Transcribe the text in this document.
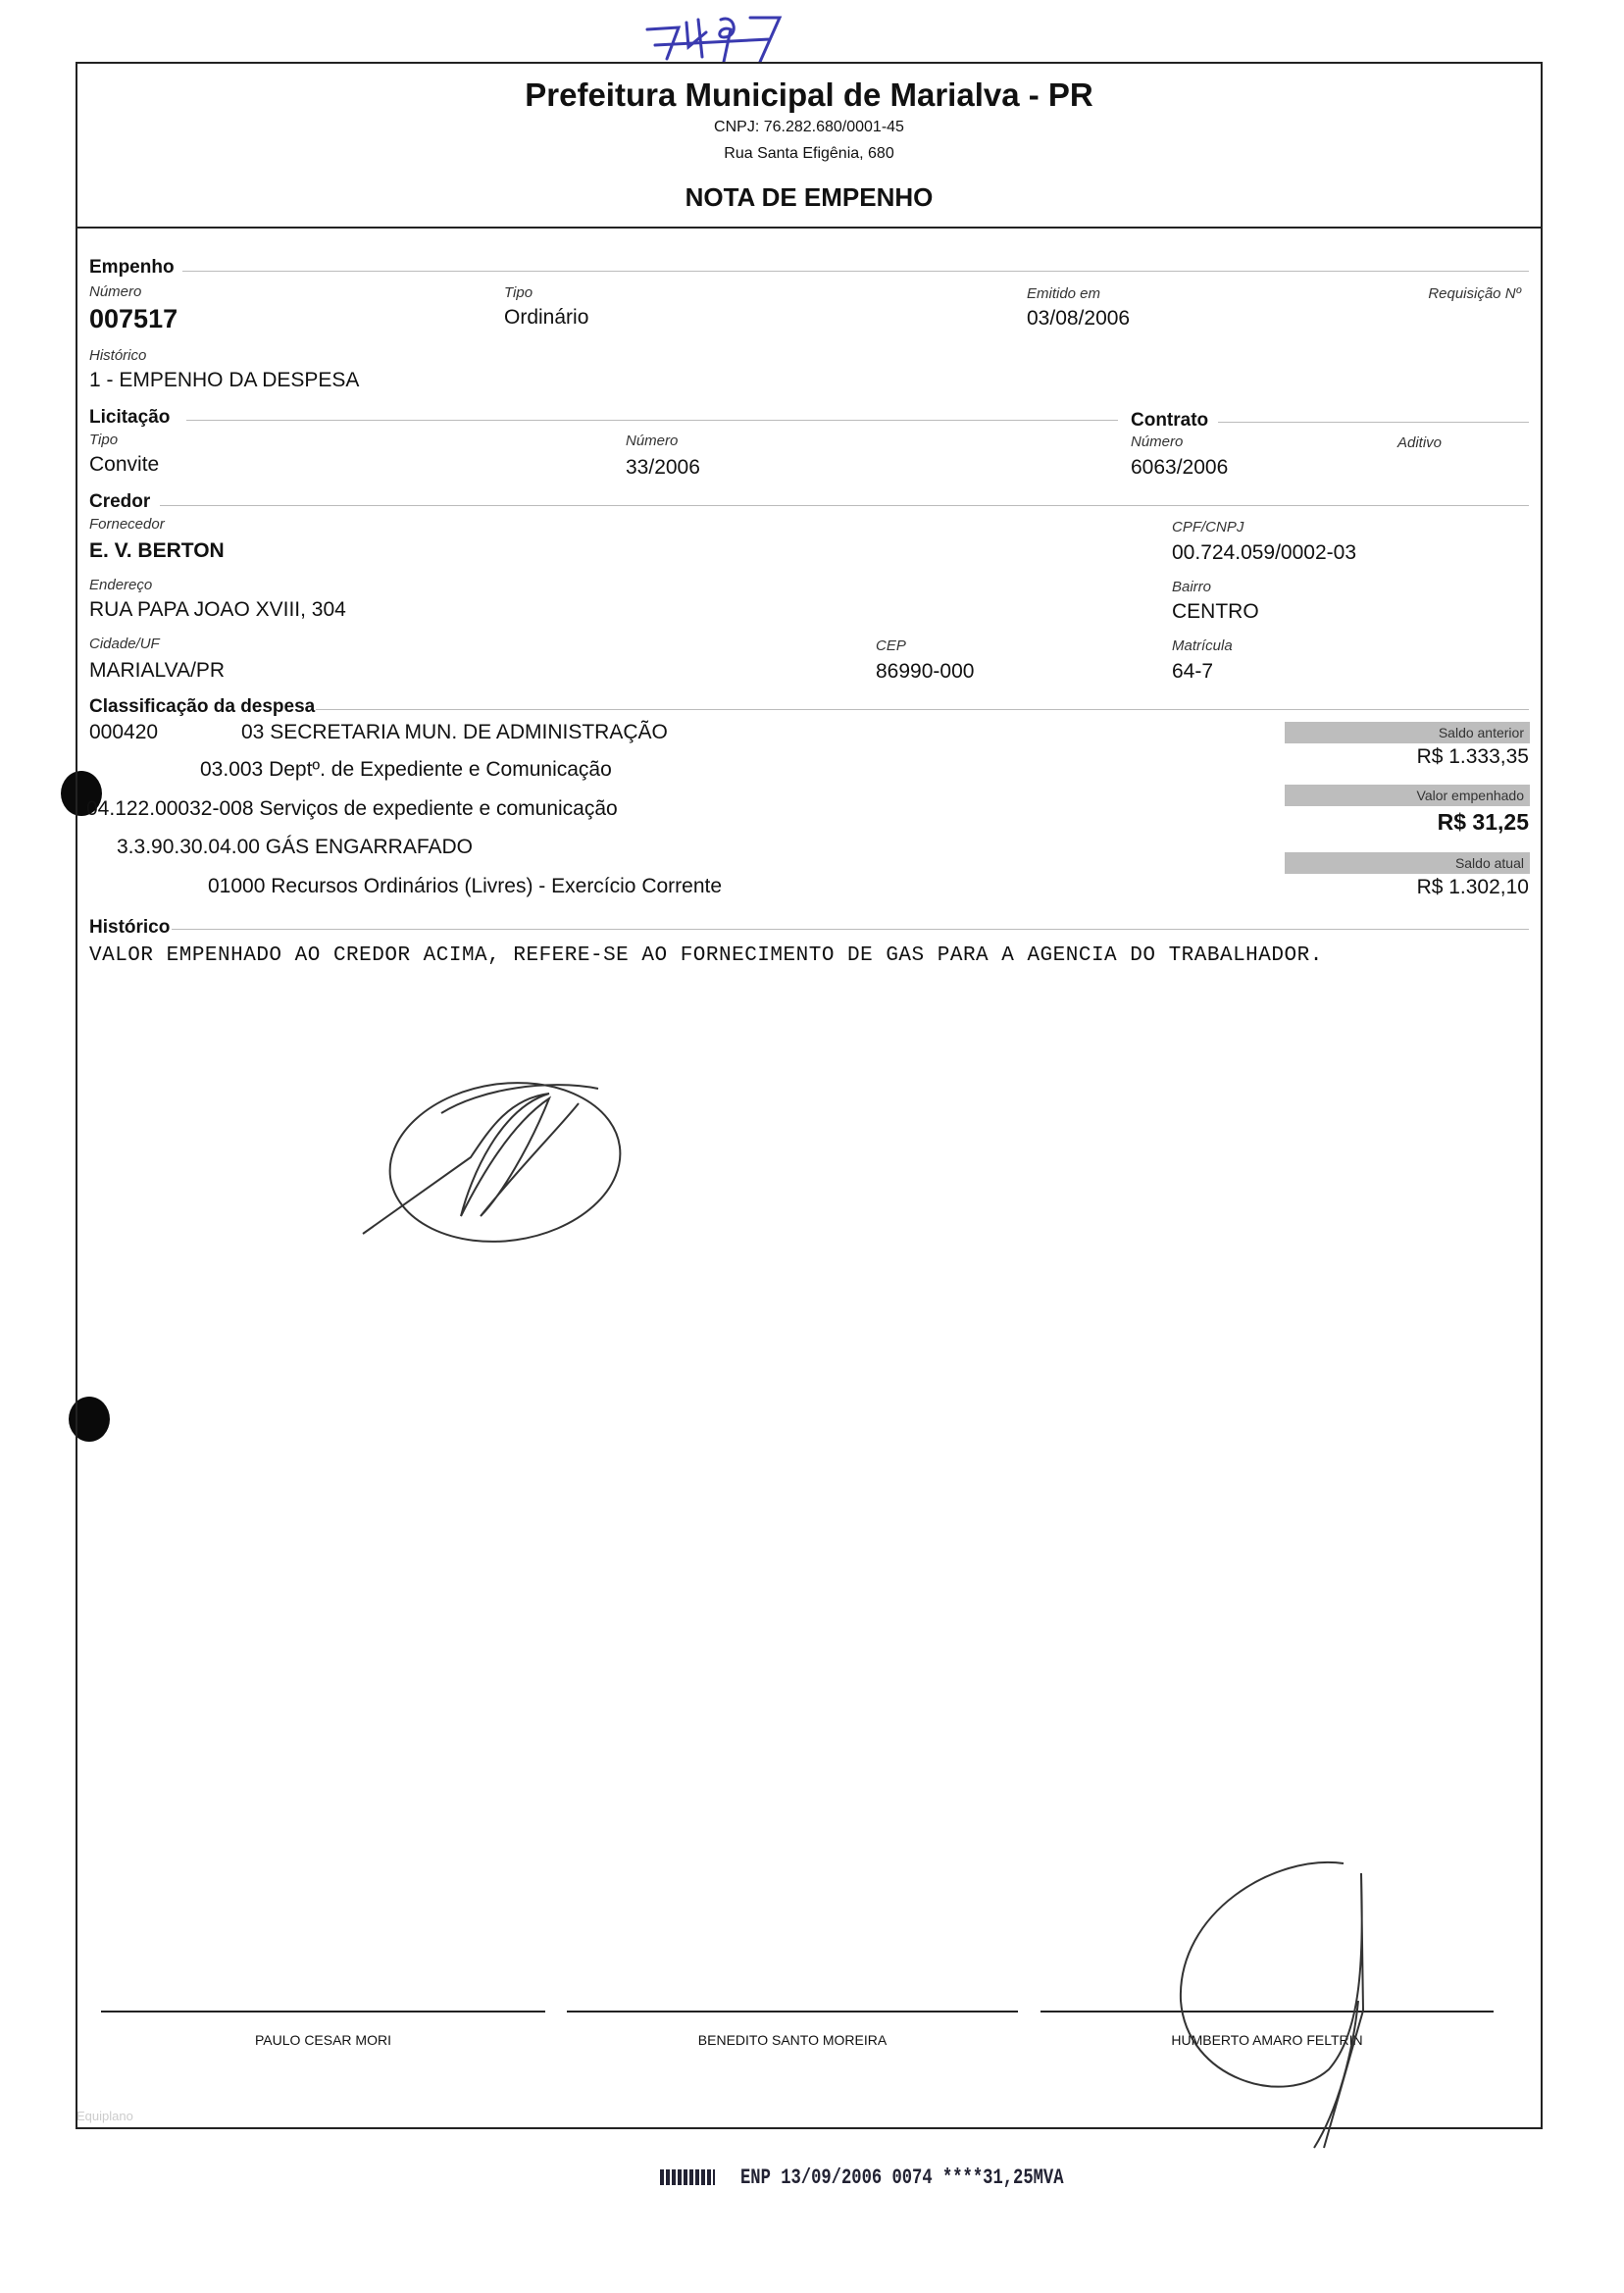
Prefeitura Municipal de Marialva - PR
CNPJ: 76.282.680/0001-45
Rua Santa Efigênia, 680
NOTA DE EMPENHO
Empenho
Número
007517
Tipo
Ordinário
Emitido em
03/08/2006
Requisição Nº
Histórico
1 - EMPENHO DA DESPESA
Licitação	Contrato
Tipo
Convite
Número
33/2006
Número
6063/2006
Aditivo
Credor
Fornecedor
E. V. BERTON
CPF/CNPJ
00.724.059/0002-03
Endereço
RUA PAPA JOAO XVIII, 304
Bairro
CENTRO
Cidade/UF
MARIALVA/PR
CEP
86990-000
Matrícula
64-7
Classificação da despesa
000420	03 SECRETARIA MUN. DE ADMINISTRAÇÃO
03.003 Deptº. de Expediente e Comunicação
04.122.00032-008 Serviços de expediente e comunicação
3.3.90.30.04.00 GÁS ENGARRAFADO
01000 Recursos Ordinários (Livres) - Exercício Corrente
Saldo anterior
R$ 1.333,35
Valor empenhado
R$ 31,25
Saldo atual
R$ 1.302,10
Histórico
VALOR EMPENHADO AO CREDOR ACIMA, REFERE-SE AO FORNECIMENTO DE GAS PARA A AGENCIA DO TRABALHADOR.
PAULO CESAR MORI	BENEDITO SANTO MOREIRA	HUMBERTO AMARO FELTRIN
Equiplano
ENP 13/09/2006 0074 ****31,25MVA
